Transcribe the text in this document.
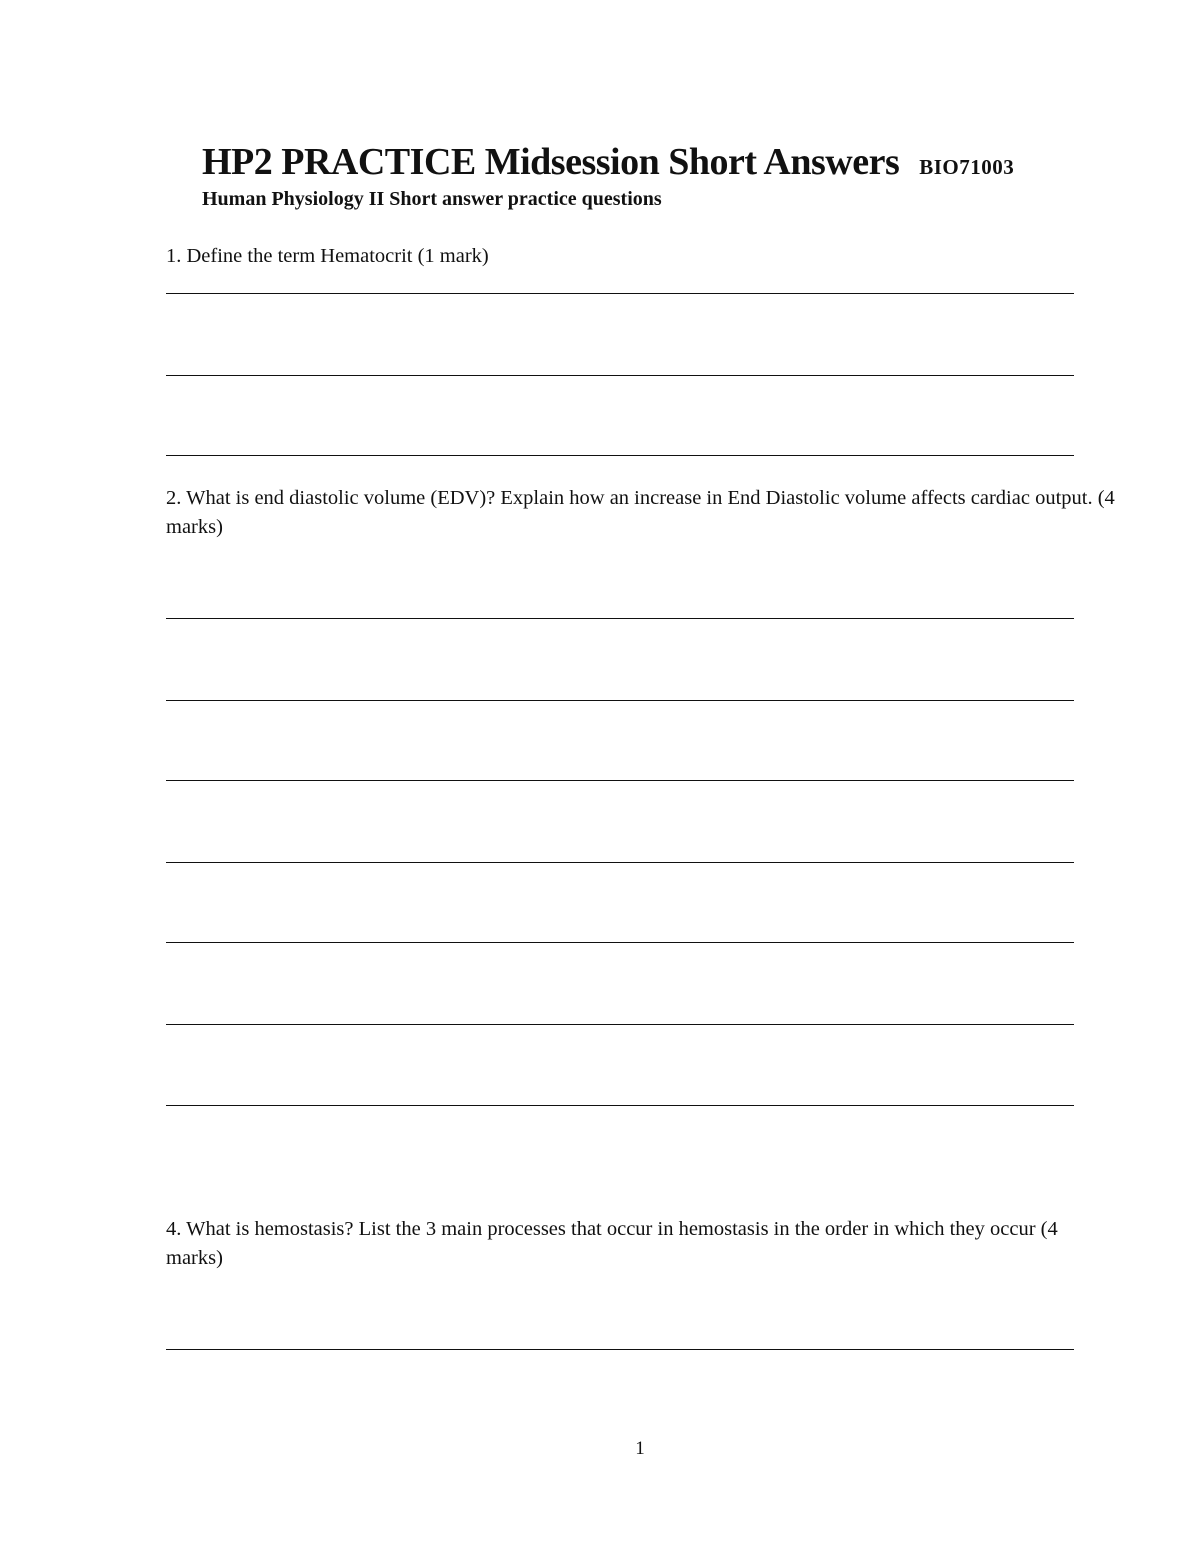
HP2 PRACTICE Midsession Short Answers BIO71003
Human Physiology II Short answer practice questions
1. Define the term Hematocrit (1 mark)
2. What is end diastolic volume (EDV)? Explain how an increase in End Diastolic volume affects cardiac output. (4 marks)
4. What is hemostasis? List the 3 main processes that occur in hemostasis in the order in which they occur (4 marks)
1
